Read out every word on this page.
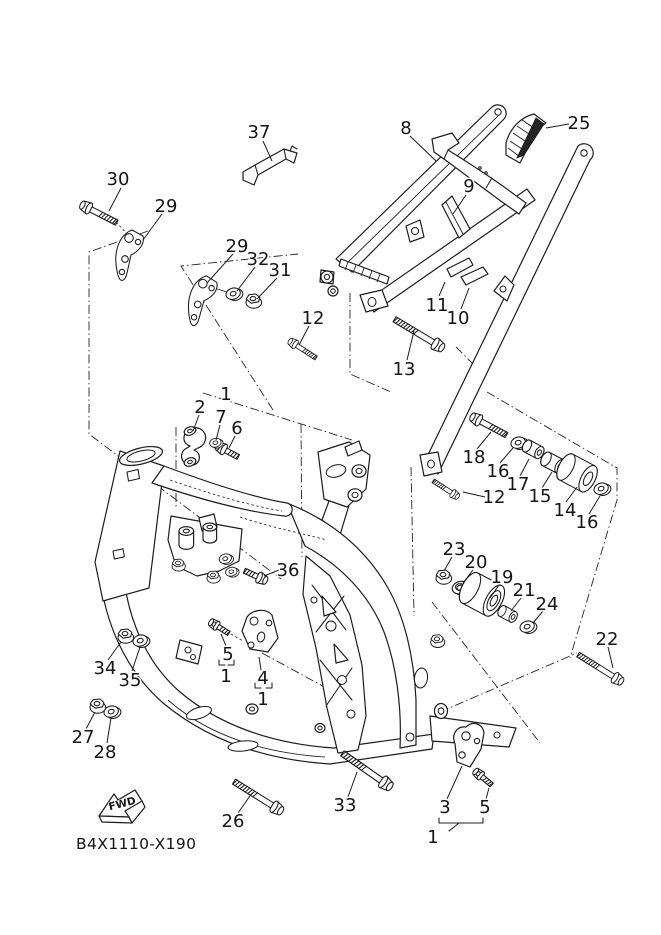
FWD
B4X1110-X190
37
30
29
29
32
31
8	25
9
11
10
12
13
1
2 7
6
18
16
17
15
14
16
12
23
20
19
21
24
22
36
34
35
27
28
5
1 4
1
26
33	3 5
1
